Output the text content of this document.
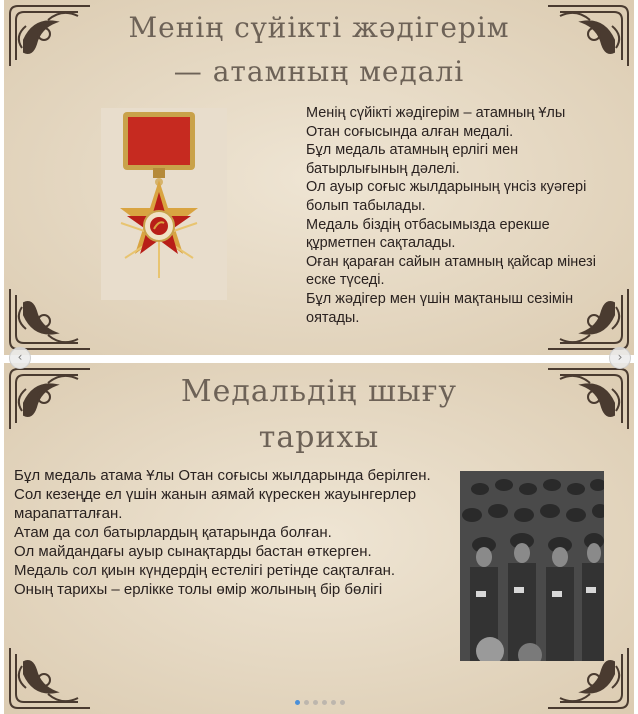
Менің сүйікті жәдігерім
— атамның медалі
Менің сүйікті жәдігерім – атамның Ұлы Отан соғысында алған медалі.
Бұл медаль атамның ерлігі мен батырлығының дәлелі.
Ол ауыр соғыс жылдарының үнсіз куәгері болып табылады.
Медаль біздің отбасымызда ерекше құрметпен сақталады.
Оған қараған сайын атамның қайсар мінезі еске түседі.
Бұл жәдігер мен үшін мақтаныш сезімін оятады.
Медальдің шығу
тарихы
Бұл медаль атама Ұлы Отан соғысы жылдарында берілген.
Сол кезеңде ел үшін жанын аямай күрескен жауынгерлер марапатталған.
Атам да сол батырлардың қатарында болған.
Ол майдандағы ауыр сынақтарды бастан өткерген.
Медаль сол қиын күндердің естелігі ретінде сақталған.
Оның тарихы – ерлікке толы өмір жолының бір бөлігі
‹	›
